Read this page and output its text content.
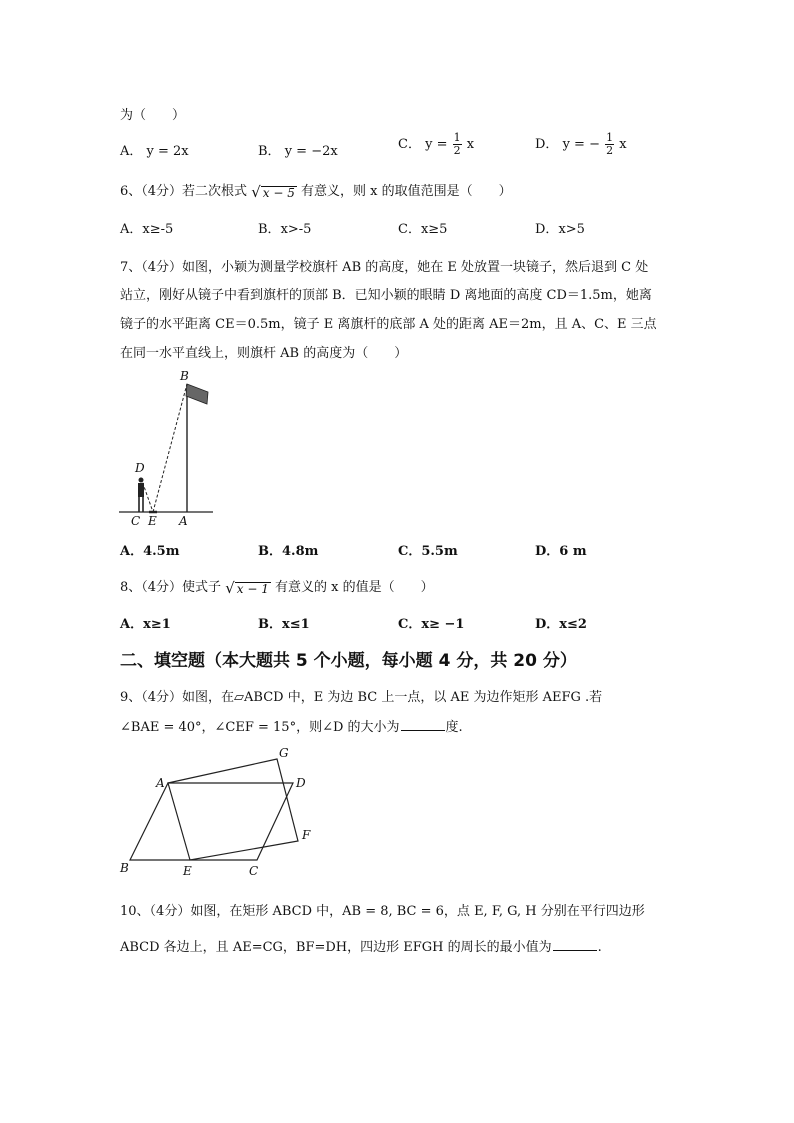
为（　　）
A． y = 2x	B． y = −2x	C． $y = \frac{1}{2}$ x	D． y = − $\frac{1}{2}$ x
6、（4分）若二次根式 √ x − 5 有意义，则 x 的取值范围是（　　）
A．x≥-5	B．x>-5	C．x≥5	D．x>5
7、（4分）如图，小颖为测量学校旗杆 AB 的高度，她在 E 处放置一块镜子，然后退到 C 处
站立，刚好从镜子中看到旗杆的顶部 B．已知小颖的眼睛 D 离地面的高度 CD＝1.5m，她离
镜子的水平距离 CE＝0.5m，镜子 E 离旗杆的底部 A 处的距离 AE＝2m，且 A、C、E 三点
在同一水平直线上，则旗杆 AB 的高度为（　　）
B
D
C E A
A．4.5m	B．4.8m	C．5.5m	D．6 m
8、（4分）使式子 √ x − 1 有意义的 x 的值是（　　）
A．x≥1	B．x≤1	C．x≥ −1	D．x≤2
二、填空题（本大题共 5 个小题，每小题 4 分，共 20 分）
9、（4分）如图，在▱ABCD 中，E 为边 BC 上一点，以 AE 为边作矩形 AEFG .若
∠BAE = 40°，∠CEF = 15°，则∠D 的大小为	度.
A
B	C
D
E
F
G
10、（4分）如图，在矩形 ABCD 中，AB = 8, BC = 6，点 E, F, G, H 分别在平行四边形
ABCD 各边上，且 AE=CG，BF=DH，四边形 EFGH 的周长的最小值为	.
